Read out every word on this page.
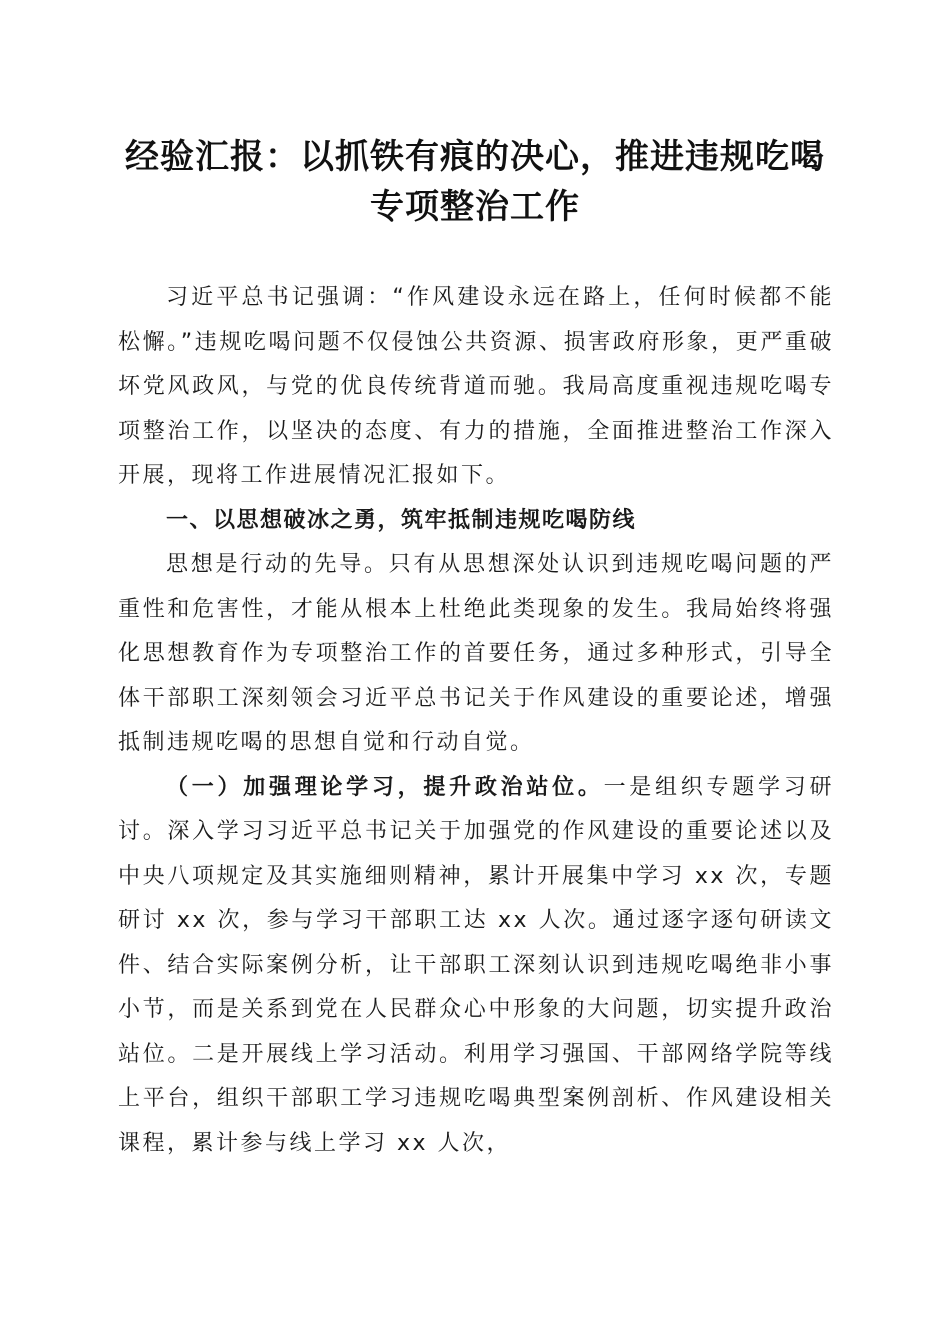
经验汇报：以抓铁有痕的决心，推进违规吃喝
专项整治工作

习近平总书记强调：“作风建设永远在路上，任何时候都不能松懈。”违规吃喝问题不仅侵蚀公共资源、损害政府形象，更严重破坏党风政风，与党的优良传统背道而驰。我局高度重视违规吃喝专项整治工作，以坚决的态度、有力的措施，全面推进整治工作深入开展，现将工作进展情况汇报如下。

一、以思想破冰之勇，筑牢抵制违规吃喝防线

思想是行动的先导。只有从思想深处认识到违规吃喝问题的严重性和危害性，才能从根本上杜绝此类现象的发生。我局始终将强化思想教育作为专项整治工作的首要任务，通过多种形式，引导全体干部职工深刻领会习近平总书记关于作风建设的重要论述，增强抵制违规吃喝的思想自觉和行动自觉。

（一）加强理论学习，提升政治站位。一是组织专题学习研讨。深入学习习近平总书记关于加强党的作风建设的重要论述以及中央八项规定及其实施细则精神，累计开展集中学习 xx 次，专题研讨 xx 次，参与学习干部职工达 xx 人次。通过逐字逐句研读文件、结合实际案例分析，让干部职工深刻认识到违规吃喝绝非小事小节，而是关系到党在人民群众心中形象的大问题，切实提升政治站位。二是开展线上学习活动。利用学习强国、干部网络学院等线上平台，组织干部职工学习违规吃喝典型案例剖析、作风建设相关课程，累计参与线上学习 xx 人次，
